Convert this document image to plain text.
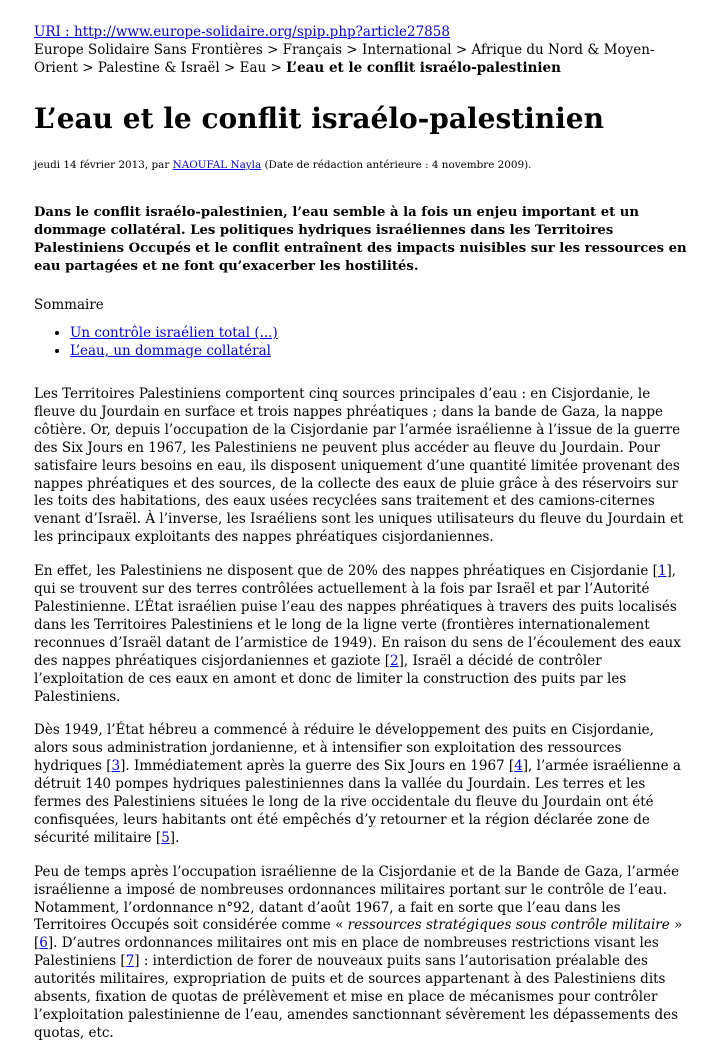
URI : http://www.europe-solidaire.org/spip.php?article27858
Europe Solidaire Sans Frontières > Français > International > Afrique du Nord & Moyen-Orient > Palestine & Israël > Eau > L’eau et le conflit israélo-palestinien
L’eau et le conflit israélo-palestinien
jeudi 14 février 2013, par NAOUFAL Nayla (Date de rédaction antérieure : 4 novembre 2009).
Dans le conflit israélo-palestinien, l’eau semble à la fois un enjeu important et un dommage collatéral. Les politiques hydriques israéliennes dans les Territoires Palestiniens Occupés et le conflit entraînent des impacts nuisibles sur les ressources en eau partagées et ne font qu’exacerber les hostilités.
Sommaire
• Un contrôle israélien total (...)
• L’eau, un dommage collatéral

Les Territoires Palestiniens comportent cinq sources principales d’eau : en Cisjordanie, le fleuve du Jourdain en surface et trois nappes phréatiques ; dans la bande de Gaza, la nappe côtière. Or, depuis l’occupation de la Cisjordanie par l’armée israélienne à l’issue de la guerre des Six Jours en 1967, les Palestiniens ne peuvent plus accéder au fleuve du Jourdain. Pour satisfaire leurs besoins en eau, ils disposent uniquement d’une quantité limitée provenant des nappes phréatiques et des sources, de la collecte des eaux de pluie grâce à des réservoirs sur les toits des habitations, des eaux usées recyclées sans traitement et des camions-citernes venant d’Israël. À l’inverse, les Israéliens sont les uniques utilisateurs du fleuve du Jourdain et les principaux exploitants des nappes phréatiques cisjordaniennes.

En effet, les Palestiniens ne disposent que de 20% des nappes phréatiques en Cisjordanie [1], qui se trouvent sur des terres contrôlées actuellement à la fois par Israël et par l’Autorité Palestinienne. L’État israélien puise l’eau des nappes phréatiques à travers des puits localisés dans les Territoires Palestiniens et le long de la ligne verte (frontières internationalement reconnues d’Israël datant de l’armistice de 1949). En raison du sens de l’écoulement des eaux des nappes phréatiques cisjordaniennes et gaziote [2], Israël a décidé de contrôler l’exploitation de ces eaux en amont et donc de limiter la construction des puits par les Palestiniens.

Dès 1949, l’État hébreu a commencé à réduire le développement des puits en Cisjordanie, alors sous administration jordanienne, et à intensifier son exploitation des ressources hydriques [3]. Immédiatement après la guerre des Six Jours en 1967 [4], l’armée israélienne a détruit 140 pompes hydriques palestiniennes dans la vallée du Jourdain. Les terres et les fermes des Palestiniens situées le long de la rive occidentale du fleuve du Jourdain ont été confisquées, leurs habitants ont été empêchés d’y retourner et la région déclarée zone de sécurité militaire [5].

Peu de temps après l’occupation israélienne de la Cisjordanie et de la Bande de Gaza, l’armée israélienne a imposé de nombreuses ordonnances militaires portant sur le contrôle de l’eau. Notamment, l’ordonnance n°92, datant d’août 1967, a fait en sorte que l’eau dans les Territoires Occupés soit considérée comme « ressources stratégiques sous contrôle militaire » [6]. D’autres ordonnances militaires ont mis en place de nombreuses restrictions visant les Palestiniens [7] : interdiction de forer de nouveaux puits sans l’autorisation préalable des autorités militaires, expropriation de puits et de sources appartenant à des Palestiniens dits absents, fixation de quotas de prélèvement et mise en place de mécanismes pour contrôler l’exploitation palestinienne de l’eau, amendes sanctionnant sévèrement les dépassements des quotas, etc.
